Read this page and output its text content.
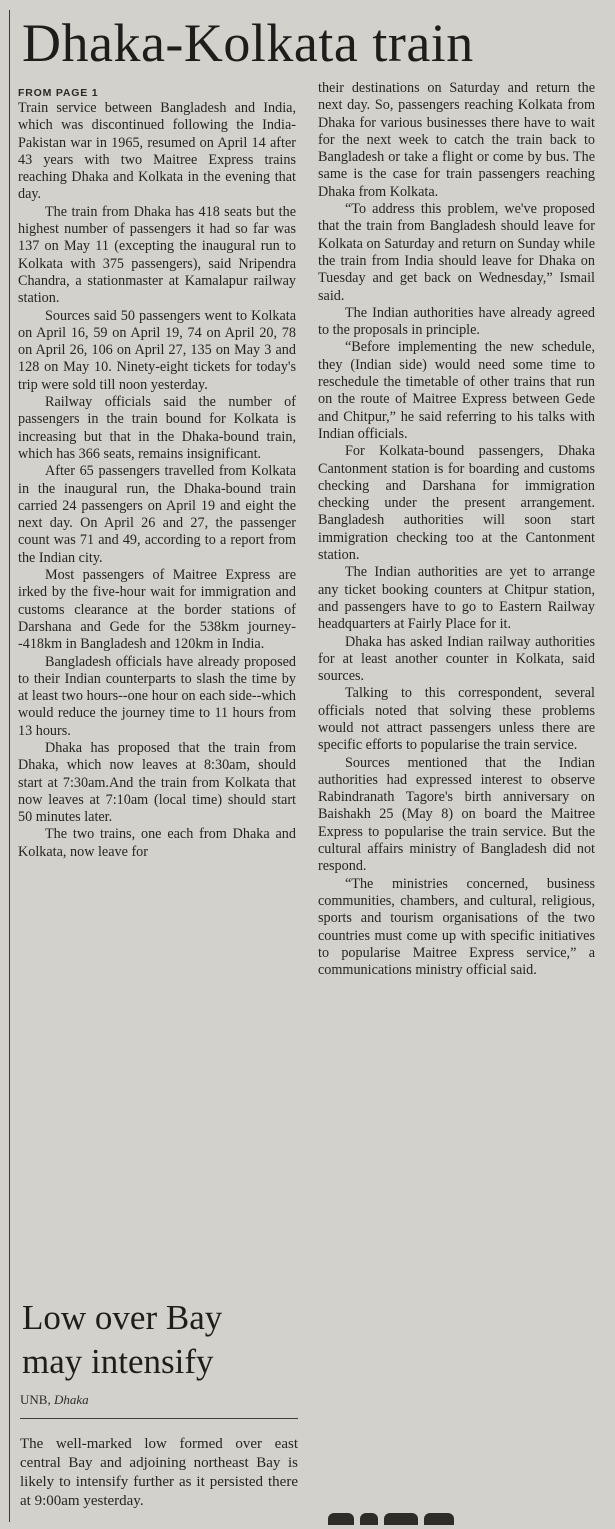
Dhaka-Kolkata train
FROM PAGE 1

Train service between Bangladesh and India, which was discontinued following the India-Pakistan war in 1965, resumed on April 14 after 43 years with two Maitree Express trains reaching Dhaka and Kolkata in the evening that day.

The train from Dhaka has 418 seats but the highest number of passengers it had so far was 137 on May 11 (excepting the inaugural run to Kolkata with 375 passengers), said Nripendra Chandra, a stationmaster at Kamalapur railway station.

Sources said 50 passengers went to Kolkata on April 16, 59 on April 19, 74 on April 20, 78 on April 26, 106 on April 27, 135 on May 3 and 128 on May 10. Ninety-eight tickets for today's trip were sold till noon yesterday.

Railway officials said the number of passengers in the train bound for Kolkata is increasing but that in the Dhaka-bound train, which has 366 seats, remains insignificant.

After 65 passengers travelled from Kolkata in the inaugural run, the Dhaka-bound train carried 24 passengers on April 19 and eight the next day. On April 26 and 27, the passenger count was 71 and 49, according to a report from the Indian city.

Most passengers of Maitree Express are irked by the five-hour wait for immigration and customs clearance at the border stations of Darshana and Gede for the 538km journey--418km in Bangladesh and 120km in India.

Bangladesh officials have already proposed to their Indian counterparts to slash the time by at least two hours--one hour on each side--which would reduce the journey time to 11 hours from 13 hours.

Dhaka has proposed that the train from Dhaka, which now leaves at 8:30am, should start at 7:30am.And the train from Kolkata that now leaves at 7:10am (local time) should start 50 minutes later.

The two trains, one each from Dhaka and Kolkata, now leave for

Low over Bay
may intensify
UNB, Dhaka
The well-marked low formed over east central Bay and adjoining northeast Bay is likely to intensify further as it persisted there at 9:00am yesterday.

their destinations on Saturday and return the next day. So, passengers reaching Kolkata from Dhaka for various businesses there have to wait for the next week to catch the train back to Bangladesh or take a flight or come by bus. The same is the case for train passengers reaching Dhaka from Kolkata.

“To address this problem, we've proposed that the train from Bangladesh should leave for Kolkata on Saturday and return on Sunday while the train from India should leave for Dhaka on Tuesday and get back on Wednesday,” Ismail said.

The Indian authorities have already agreed to the proposals in principle.

“Before implementing the new schedule, they (Indian side) would need some time to reschedule the timetable of other trains that run on the route of Maitree Express between Gede and Chitpur,” he said referring to his talks with Indian officials.

For Kolkata-bound passengers, Dhaka Cantonment station is for boarding and customs checking and Darshana for immigration checking under the present arrangement. Bangladesh authorities will soon start immigration checking too at the Cantonment station.

The Indian authorities are yet to arrange any ticket booking counters at Chitpur station, and passengers have to go to Eastern Railway headquarters at Fairly Place for it.

Dhaka has asked Indian railway authorities for at least another counter in Kolkata, said sources.

Talking to this correspondent, several officials noted that solving these problems would not attract passengers unless there are specific efforts to popularise the train service.

Sources mentioned that the Indian authorities had expressed interest to observe Rabindranath Tagore's birth anniversary on Baishakh 25 (May 8) on board the Maitree Express to popularise the train service. But the cultural affairs ministry of Bangladesh did not respond.

“The ministries concerned, business communities, chambers, and cultural, religious, sports and tourism organisations of the two countries must come up with specific initiatives to popularise Maitree Express service,” a communications ministry official said.
